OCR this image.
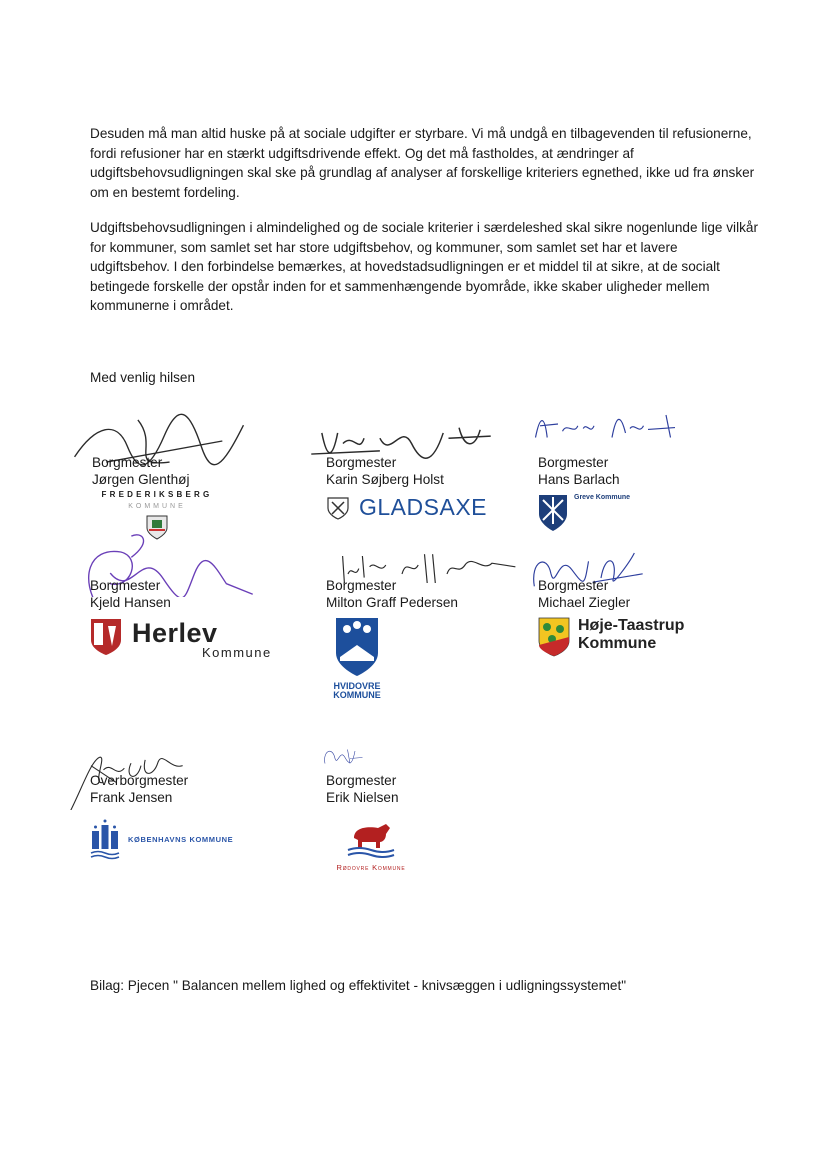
Desuden må man altid huske på at sociale udgifter er styrbare. Vi må undgå en tilbagevenden til refusionerne, fordi refusioner har en stærkt udgiftsdrivende effekt. Og det må fastholdes, at ændringer af udgiftsbehovsudligningen skal ske på grundlag af analyser af forskellige kriteriers egnethed, ikke ud fra ønsker om en bestemt fordeling.

Udgiftsbehovsudligningen i almindelighed og de sociale kriterier i særdeleshed skal sikre nogenlunde lige vilkår for kommuner, som samlet set har store udgiftsbehov, og kommuner, som samlet set har et lavere udgiftsbehov. I den forbindelse bemærkes, at hovedstadsudligningen er et middel til at sikre, at de socialt betingede forskelle der opstår inden for et sammenhængende byområde, ikke skaber uligheder mellem kommunerne i området.

Med venlig hilsen

Borgmester
Jørgen Glenthøj
FREDERIKSBERG
KOMMUNE
Borgmester
Karin Søjberg Holst
GLADSAXE
Borgmester
Hans Barlach
Greve Kommune
Borgmester
Kjeld Hansen
Herlev
Kommune
Borgmester
Milton Graff Pedersen
HVIDOVRE
KOMMUNE
Borgmester
Michael Ziegler
Høje-Taastrup
Kommune
Overborgmester
Frank Jensen
KØBENHAVNS KOMMUNE
Borgmester
Erik Nielsen
Rødovre Kommune

Bilag: Pjecen " Balancen mellem lighed og effektivitet - knivsæggen i udligningssystemet"
